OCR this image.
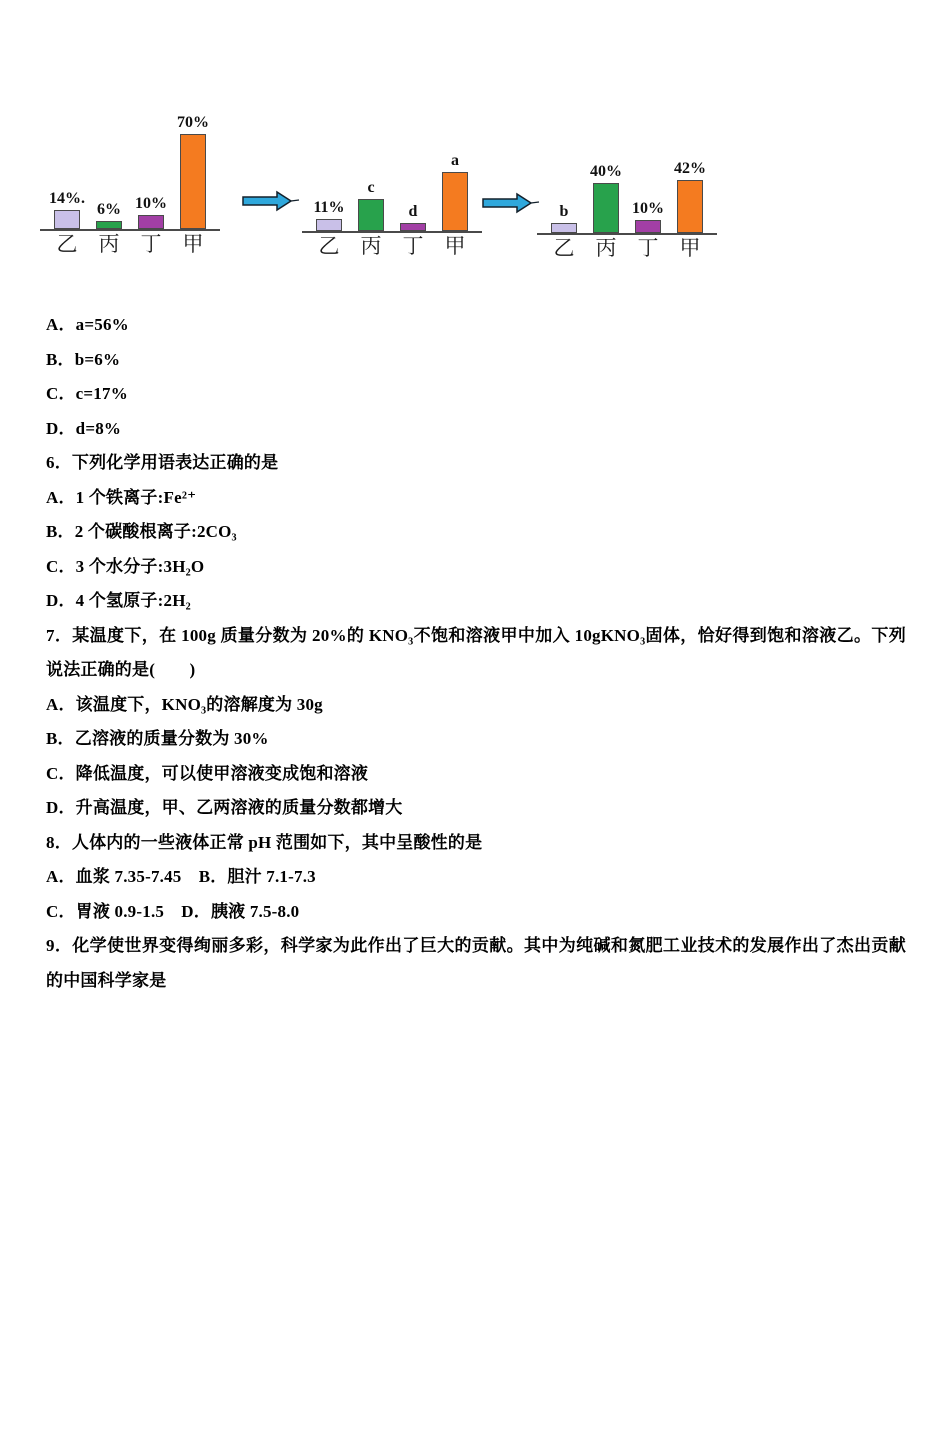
14%.
6% 10%
70%
乙 丙 丁 甲
11%
c
d
a
乙 丙 丁 甲
b
40%
10%
42%
乙 丙 丁 甲

A．a=56%

B．b=6%

C．c=17%

D．d=8%

6．下列化学用语表达正确的是

A．1 个铁离子:Fe²⁺

B．2 个碳酸根离子:2CO₃

C．3 个水分子:3H₂O

D．4 个氢原子:2H₂

7．某温度下，在 100g 质量分数为 20%的 KNO₃不饱和溶液甲中加入 10gKNO₃固体，恰好得到饱和溶液乙。下列说法正确的是(　　)

A．该温度下，KNO₃的溶解度为 30g

B．乙溶液的质量分数为 30%

C．降低温度，可以使甲溶液变成饱和溶液

D．升高温度，甲、乙两溶液的质量分数都增大

8．人体内的一些液体正常 pH 范围如下，其中呈酸性的是

A．血浆 7.35-7.45　B．胆汁 7.1-7.3

C．胃液 0.9-1.5　D．胰液 7.5-8.0

9．化学使世界变得绚丽多彩，科学家为此作出了巨大的贡献。其中为纯碱和氮肥工业技术的发展作出了杰出贡献的中国科学家是
